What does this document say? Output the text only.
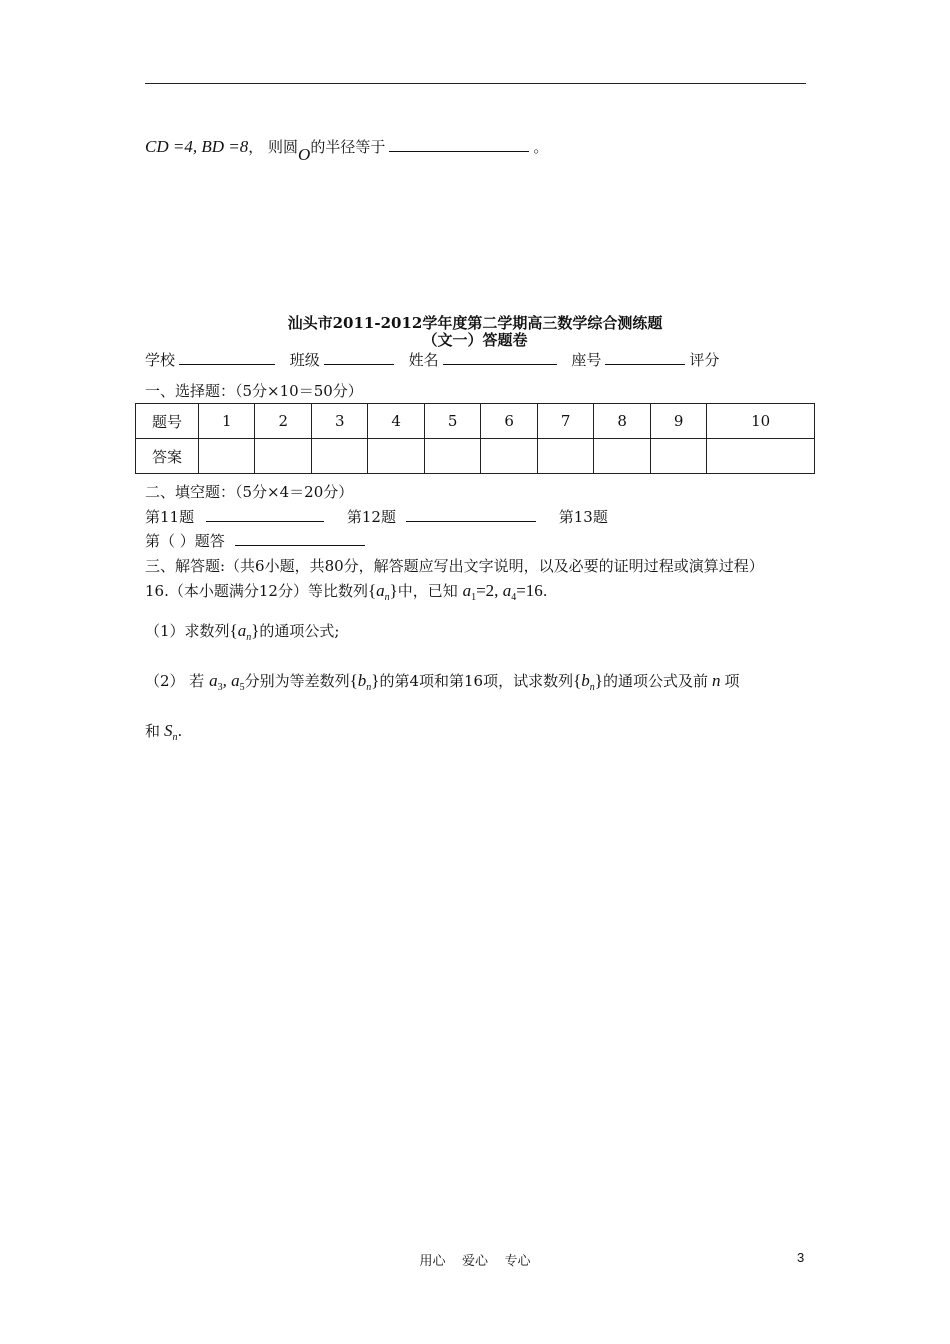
CD =4, BD =8， 则圆O的半径等于	。
汕头市2011-2012学年度第二学期高三数学综合测练题
（文一）答题卷
学校	班级	姓名	座号	评分
一、选择题：（5分×10＝50分）
题号	1	2	3	4	5	6	7	8	9	10
答案										
二、填空题：（5分×4＝20分）
第11题	第12题	第13题
第（ ）题答
三、解答题:（共6小题，共80分，解答题应写出文字说明，以及必要的证明过程或演算过程）
16.（本小题满分12分）等比数列$\{a_n\}$中，已知 $a_1=2$, $a_4=16$.
（1）求数列$\{a_n\}$的通项公式;
（2） 若 $a_3$, $a_5$分别为等差数列$\{b_n\}$的第4项和第16项，试求数列$\{b_n\}$的通项公式及前 n 项
和 $S_n$.
用心    爱心    专心	3
